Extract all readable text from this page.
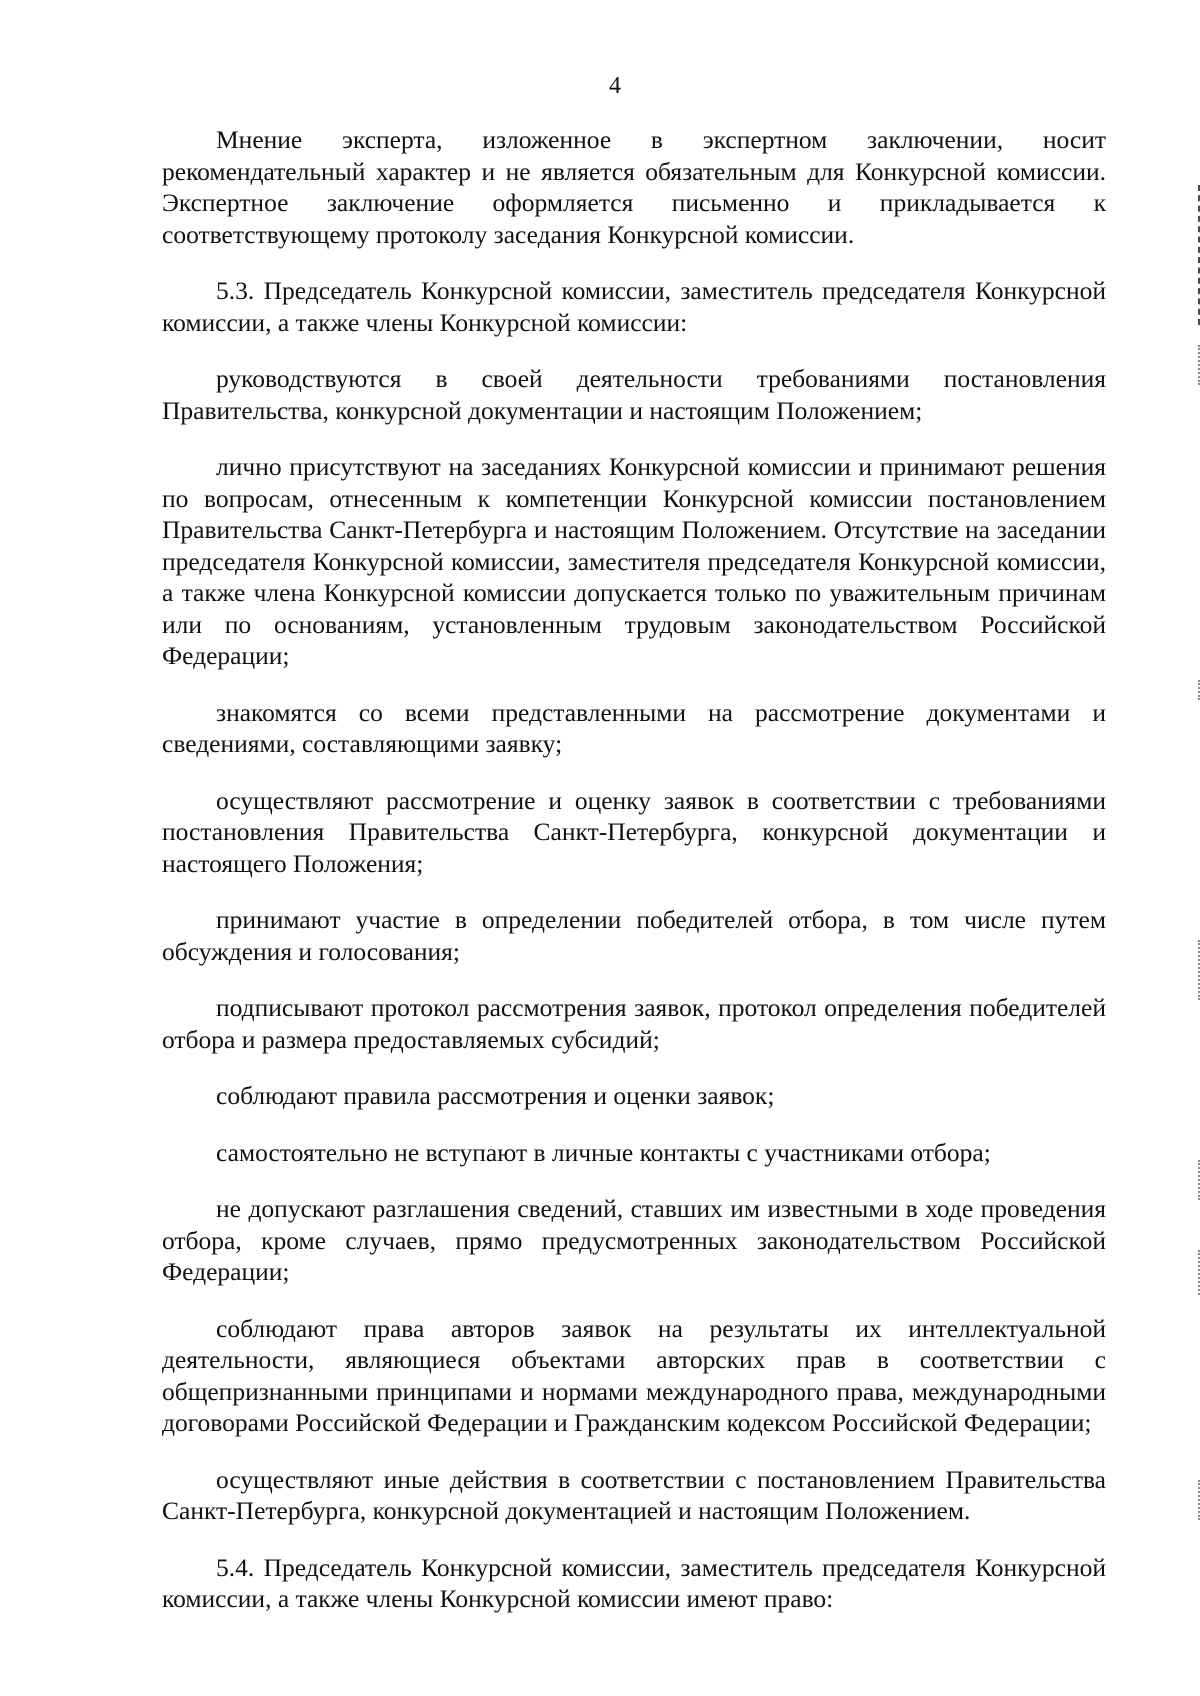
4

Мнение эксперта, изложенное в экспертном заключении, носит рекомендательный характер и не является обязательным для Конкурсной комиссии. Экспертное заключение оформляется письменно и прикладывается к соответствующему протоколу заседания Конкурсной комиссии.

5.3. Председатель Конкурсной комиссии, заместитель председателя Конкурсной комиссии, а также члены Конкурсной комиссии:

руководствуются в своей деятельности требованиями постановления Правительства, конкурсной документации и настоящим Положением;

лично присутствуют на заседаниях Конкурсной комиссии и принимают решения по вопросам, отнесенным к компетенции Конкурсной комиссии постановлением Правительства Санкт-Петербурга и настоящим Положением. Отсутствие на заседании председателя Конкурсной комиссии, заместителя председателя Конкурсной комиссии, а также члена Конкурсной комиссии допускается только по уважительным причинам или по основаниям, установленным трудовым законодательством Российской Федерации;

знакомятся со всеми представленными на рассмотрение документами и сведениями, составляющими заявку;

осуществляют рассмотрение и оценку заявок в соответствии с требованиями постановления Правительства Санкт-Петербурга, конкурсной документации и настоящего Положения;

принимают участие в определении победителей отбора, в том числе путем обсуждения и голосования;

подписывают протокол рассмотрения заявок, протокол определения победителей отбора и размера предоставляемых субсидий;

соблюдают правила рассмотрения и оценки заявок;

самостоятельно не вступают в личные контакты с участниками отбора;

не допускают разглашения сведений, ставших им известными в ходе проведения отбора, кроме случаев, прямо предусмотренных законодательством Российской Федерации;

соблюдают права авторов заявок на результаты их интеллектуальной деятельности, являющиеся объектами авторских прав в соответствии с общепризнанными принципами и нормами международного права, международными договорами Российской Федерации и Гражданским кодексом Российской Федерации;

осуществляют иные действия в соответствии с постановлением Правительства Санкт-Петербурга, конкурсной документацией и настоящим Положением.

5.4. Председатель Конкурсной комиссии, заместитель председателя Конкурсной комиссии, а также члены Конкурсной комиссии имеют право:
